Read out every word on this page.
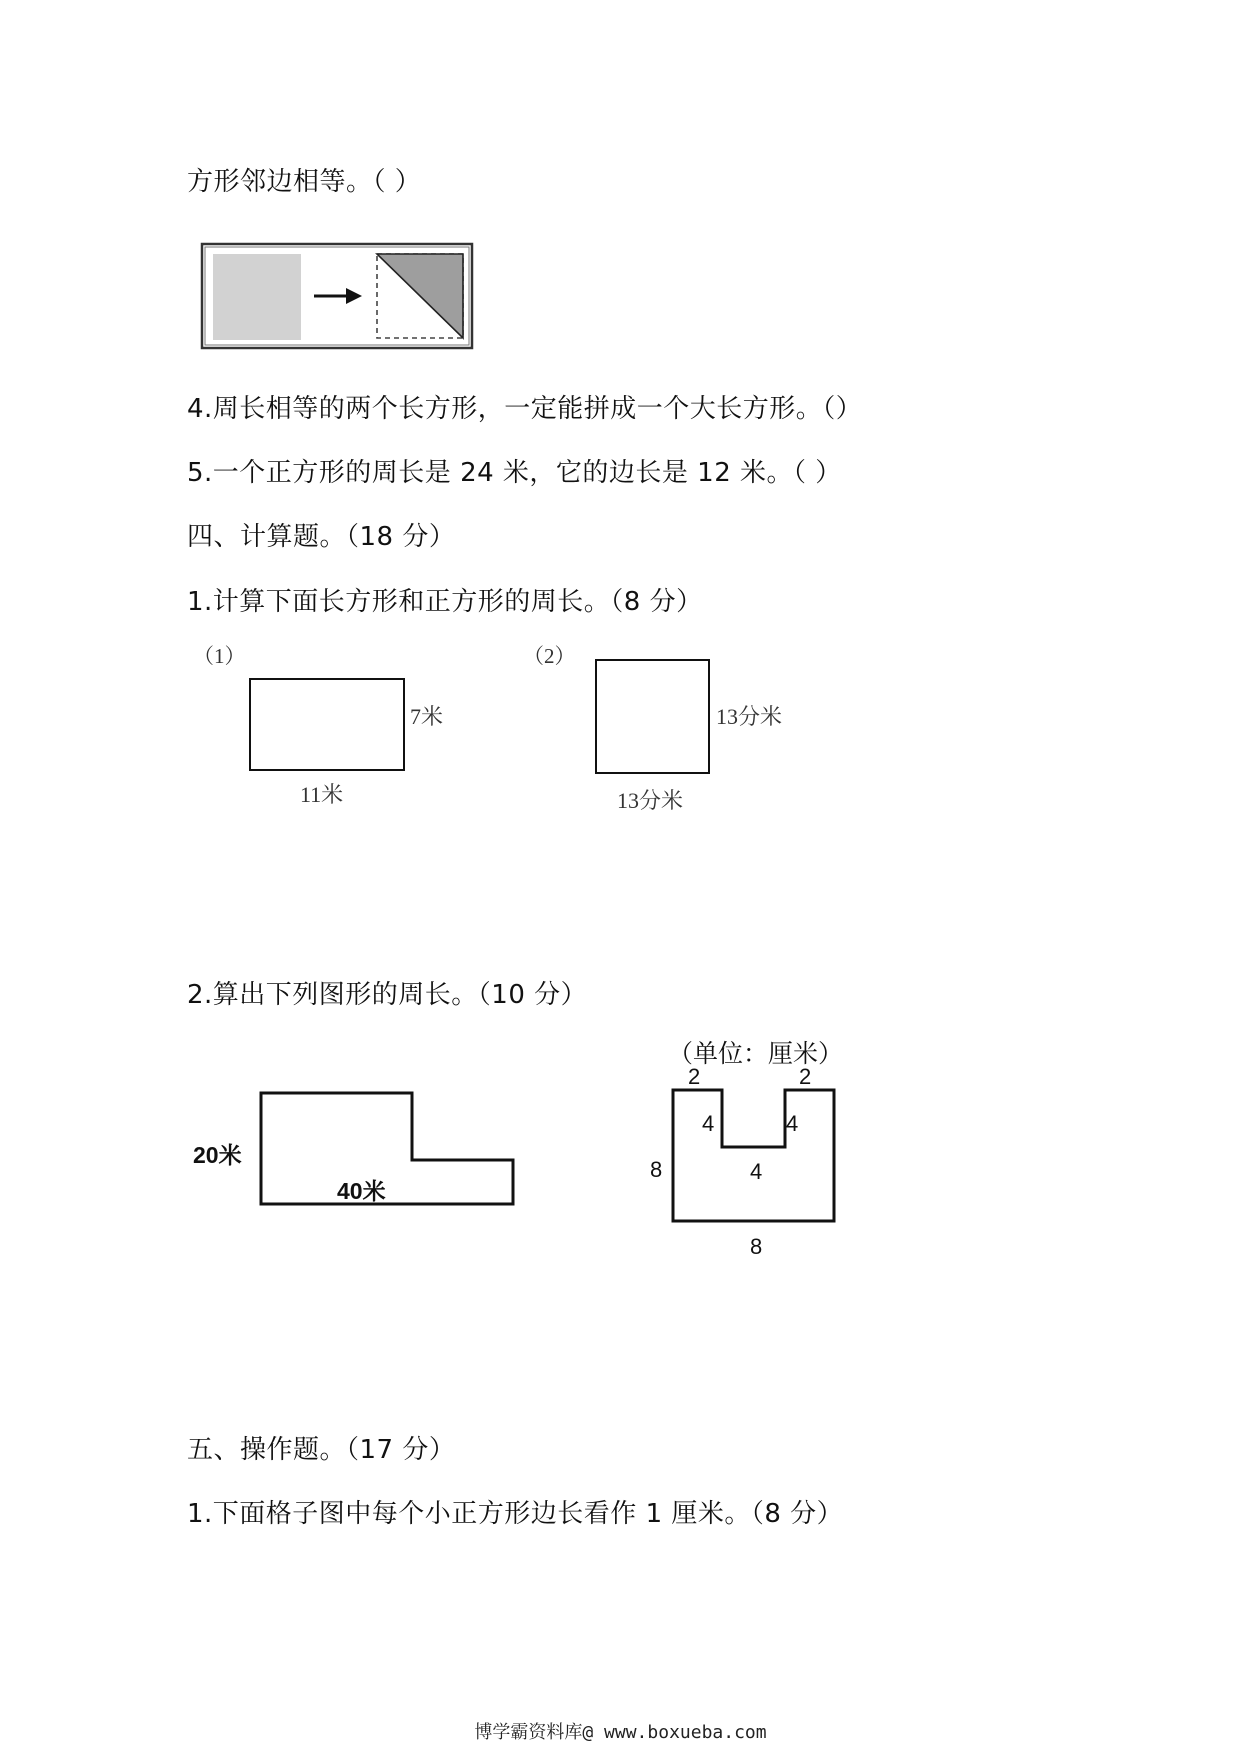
方形邻边相等。（ ）
4.周长相等的两个长方形，一定能拼成一个大长方形。（）
5.一个正方形的周长是 24 米，它的边长是 12 米。（ ）
四、计算题。（18 分）
1.计算下面长方形和正方形的周长。（8 分）
2.算出下列图形的周长。（10 分）
五、操作题。（17 分）
1.下面格子图中每个小正方形边长看作 1 厘米。（8 分）
（1）
7米
11米
（2）
13分米
13分米
20米
40米
（单位：厘米）
2	2
4	4
4
8
8
博学霸资料库@ www.boxueba.com
